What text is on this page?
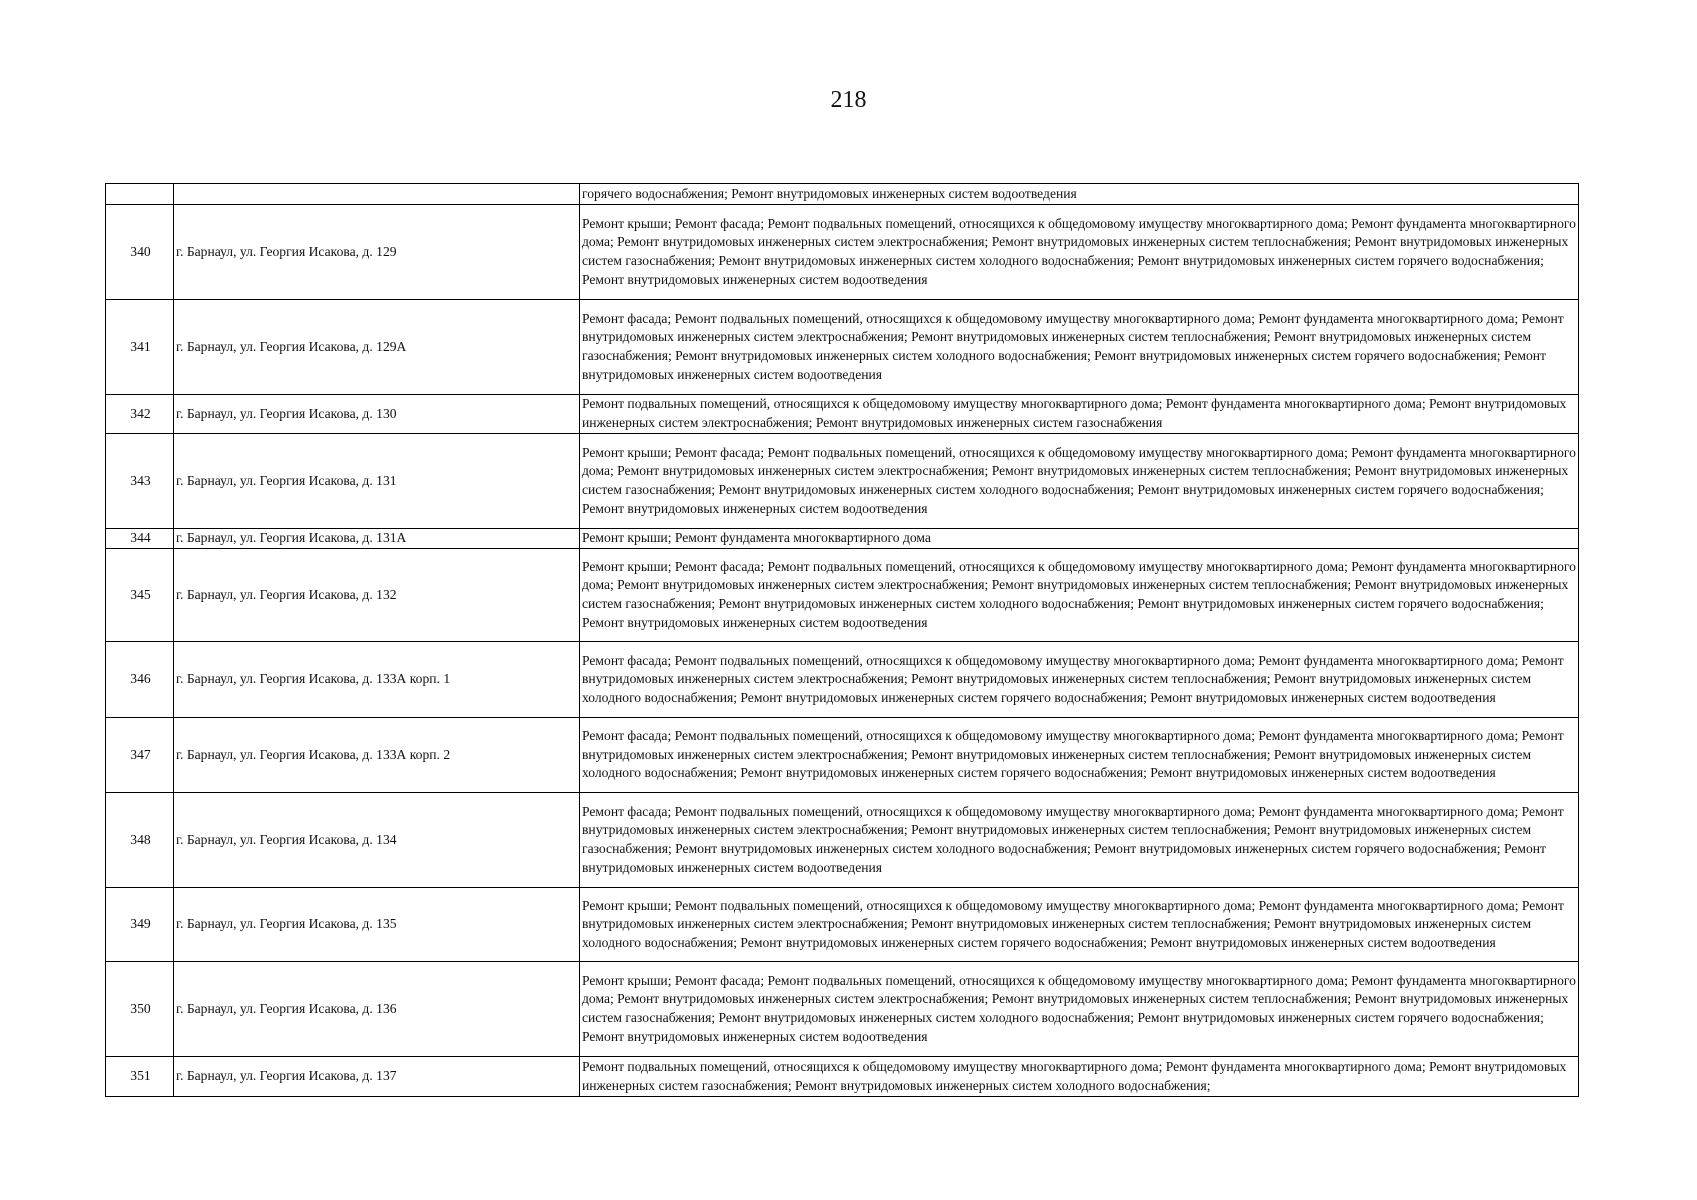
218
		горячего водоснабжения; Ремонт внутридомовых инженерных систем водоотведения
340	г. Барнаул, ул. Георгия Исакова, д. 129	Ремонт крыши; Ремонт фасада; Ремонт подвальных помещений, относящихся к общедомовому имуществу многоквартирного дома; Ремонт фундамента многоквартирного дома; Ремонт внутридомовых инженерных систем электроснабжения; Ремонт внутридомовых инженерных систем теплоснабжения; Ремонт внутридомовых инженерных систем газоснабжения; Ремонт внутридомовых инженерных систем холодного водоснабжения; Ремонт внутридомовых инженерных систем горячего водоснабжения; Ремонт внутридомовых инженерных систем водоотведения
341	г. Барнаул, ул. Георгия Исакова, д. 129А	Ремонт фасада; Ремонт подвальных помещений, относящихся к общедомовому имуществу многоквартирного дома; Ремонт фундамента многоквартирного дома; Ремонт внутридомовых инженерных систем электроснабжения; Ремонт внутридомовых инженерных систем теплоснабжения; Ремонт внутридомовых инженерных систем газоснабжения; Ремонт внутридомовых инженерных систем холодного водоснабжения; Ремонт внутридомовых инженерных систем горячего водоснабжения; Ремонт внутридомовых инженерных систем водоотведения
342	г. Барнаул, ул. Георгия Исакова, д. 130	Ремонт подвальных помещений, относящихся к общедомовому имуществу многоквартирного дома; Ремонт фундамента многоквартирного дома; Ремонт внутридомовых инженерных систем электроснабжения; Ремонт внутридомовых инженерных систем газоснабжения
343	г. Барнаул, ул. Георгия Исакова, д. 131	Ремонт крыши; Ремонт фасада; Ремонт подвальных помещений, относящихся к общедомовому имуществу многоквартирного дома; Ремонт фундамента многоквартирного дома; Ремонт внутридомовых инженерных систем электроснабжения; Ремонт внутридомовых инженерных систем теплоснабжения; Ремонт внутридомовых инженерных систем газоснабжения; Ремонт внутридомовых инженерных систем холодного водоснабжения; Ремонт внутридомовых инженерных систем горячего водоснабжения; Ремонт внутридомовых инженерных систем водоотведения
344	г. Барнаул, ул. Георгия Исакова, д. 131А	Ремонт крыши; Ремонт фундамента многоквартирного дома
345	г. Барнаул, ул. Георгия Исакова, д. 132	Ремонт крыши; Ремонт фасада; Ремонт подвальных помещений, относящихся к общедомовому имуществу многоквартирного дома; Ремонт фундамента многоквартирного дома; Ремонт внутридомовых инженерных систем электроснабжения; Ремонт внутридомовых инженерных систем теплоснабжения; Ремонт внутридомовых инженерных систем газоснабжения; Ремонт внутридомовых инженерных систем холодного водоснабжения; Ремонт внутридомовых инженерных систем горячего водоснабжения; Ремонт внутридомовых инженерных систем водоотведения
346	г. Барнаул, ул. Георгия Исакова, д. 133А корп. 1	Ремонт фасада; Ремонт подвальных помещений, относящихся к общедомовому имуществу многоквартирного дома; Ремонт фундамента многоквартирного дома; Ремонт внутридомовых инженерных систем электроснабжения; Ремонт внутридомовых инженерных систем теплоснабжения; Ремонт внутридомовых инженерных систем холодного водоснабжения; Ремонт внутридомовых инженерных систем горячего водоснабжения; Ремонт внутридомовых инженерных систем водоотведения
347	г. Барнаул, ул. Георгия Исакова, д. 133А корп. 2	Ремонт фасада; Ремонт подвальных помещений, относящихся к общедомовому имуществу многоквартирного дома; Ремонт фундамента многоквартирного дома; Ремонт внутридомовых инженерных систем электроснабжения; Ремонт внутридомовых инженерных систем теплоснабжения; Ремонт внутридомовых инженерных систем холодного водоснабжения; Ремонт внутридомовых инженерных систем горячего водоснабжения; Ремонт внутридомовых инженерных систем водоотведения
348	г. Барнаул, ул. Георгия Исакова, д. 134	Ремонт фасада; Ремонт подвальных помещений, относящихся к общедомовому имуществу многоквартирного дома; Ремонт фундамента многоквартирного дома; Ремонт внутридомовых инженерных систем электроснабжения; Ремонт внутридомовых инженерных систем теплоснабжения; Ремонт внутридомовых инженерных систем газоснабжения; Ремонт внутридомовых инженерных систем холодного водоснабжения; Ремонт внутридомовых инженерных систем горячего водоснабжения; Ремонт внутридомовых инженерных систем водоотведения
349	г. Барнаул, ул. Георгия Исакова, д. 135	Ремонт крыши; Ремонт подвальных помещений, относящихся к общедомовому имуществу многоквартирного дома; Ремонт фундамента многоквартирного дома; Ремонт внутридомовых инженерных систем электроснабжения; Ремонт внутридомовых инженерных систем теплоснабжения; Ремонт внутридомовых инженерных систем холодного водоснабжения; Ремонт внутридомовых инженерных систем горячего водоснабжения; Ремонт внутридомовых инженерных систем водоотведения
350	г. Барнаул, ул. Георгия Исакова, д. 136	Ремонт крыши; Ремонт фасада; Ремонт подвальных помещений, относящихся к общедомовому имуществу многоквартирного дома; Ремонт фундамента многоквартирного дома; Ремонт внутридомовых инженерных систем электроснабжения; Ремонт внутридомовых инженерных систем теплоснабжения; Ремонт внутридомовых инженерных систем газоснабжения; Ремонт внутридомовых инженерных систем холодного водоснабжения; Ремонт внутридомовых инженерных систем горячего водоснабжения; Ремонт внутридомовых инженерных систем водоотведения
351	г. Барнаул, ул. Георгия Исакова, д. 137	Ремонт подвальных помещений, относящихся к общедомовому имуществу многоквартирного дома; Ремонт фундамента многоквартирного дома; Ремонт внутридомовых инженерных систем газоснабжения; Ремонт внутридомовых инженерных систем холодного водоснабжения;
